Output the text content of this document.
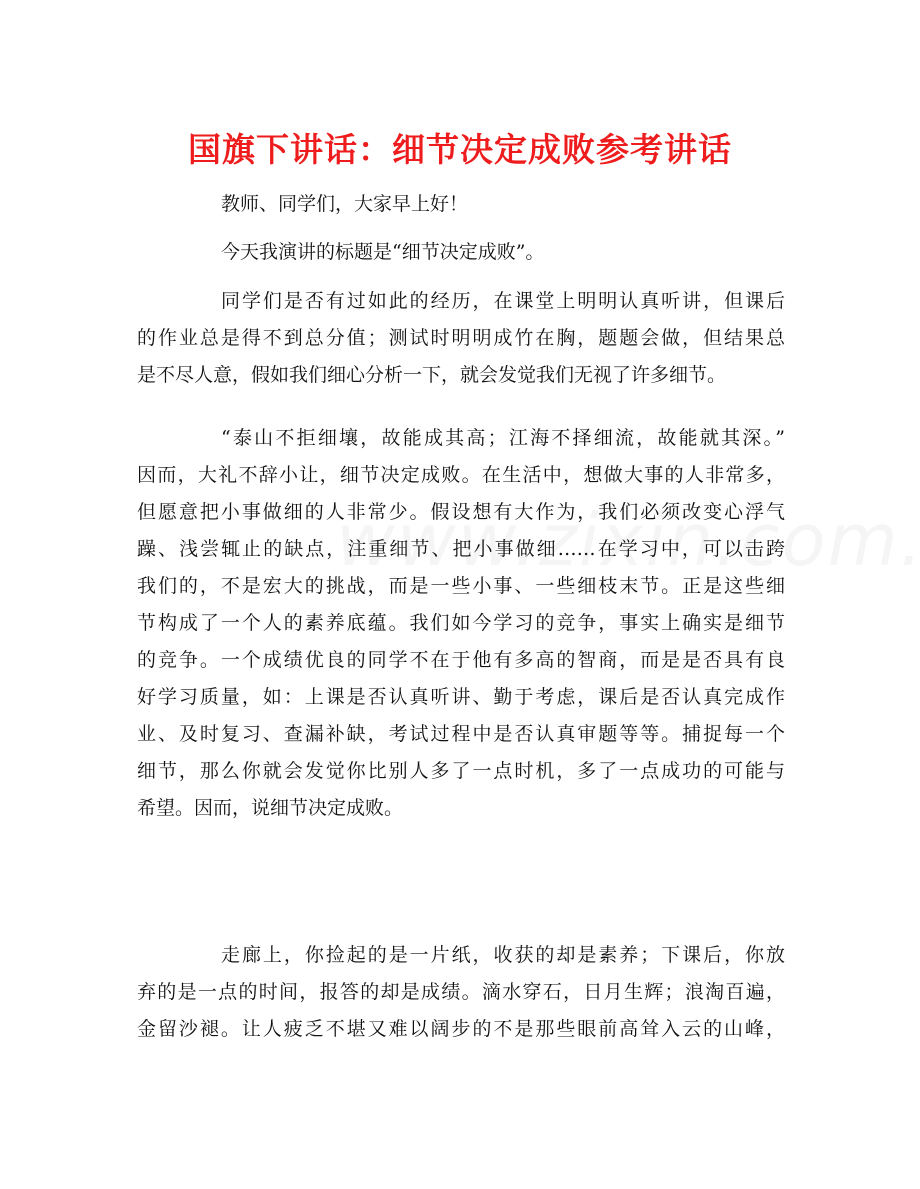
国旗下讲话：细节决定成败参考讲话

教师、同学们，大家早上好！

今天我演讲的标题是“细节决定成败”。

同学们是否有过如此的经历，在课堂上明明认真听讲，但课后
的作业总是得不到总分值；测试时明明成竹在胸，题题会做，但结果总
是不尽人意，假如我们细心分析一下，就会发觉我们无视了许多细节。

“泰山不拒细壤，故能成其高；江海不择细流，故能就其深。”
因而，大礼不辞小让，细节决定成败。在生活中，想做大事的人非常多，
但愿意把小事做细的人非常少。假设想有大作为，我们必须改变心浮气
躁、浅尝辄止的缺点，注重细节、把小事做细……在学习中，可以击跨
我们的，不是宏大的挑战，而是一些小事、一些细枝末节。正是这些细
节构成了一个人的素养底蕴。我们如今学习的竞争，事实上确实是细节
的竞争。一个成绩优良的同学不在于他有多高的智商，而是是否具有良
好学习质量，如：上课是否认真听讲、勤于考虑，课后是否认真完成作
业、及时复习、查漏补缺，考试过程中是否认真审题等等。捕捉每一个
细节，那么你就会发觉你比别人多了一点时机，多了一点成功的可能与
希望。因而，说细节决定成败。

走廊上，你捡起的是一片纸，收获的却是素养；下课后，你放
弃的是一点的时间，报答的却是成绩。滴水穿石，日月生辉；浪淘百遍，
金留沙褪。让人疲乏不堪又难以阔步的不是那些眼前高耸入云的山峰，
